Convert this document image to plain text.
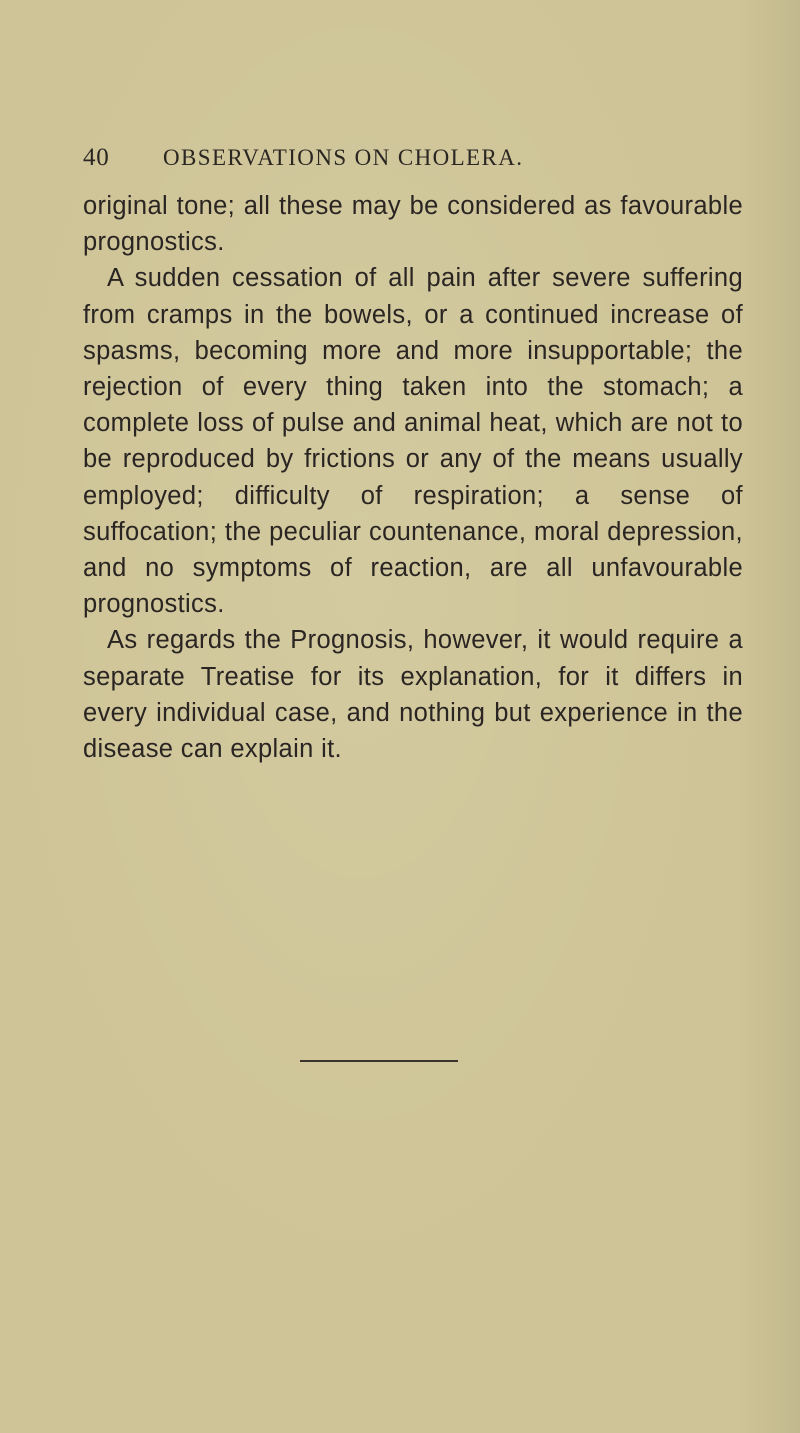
40	OBSERVATIONS ON CHOLERA.

original tone; all these may be considered as favourable prognostics.

A sudden cessation of all pain after severe suffering from cramps in the bowels, or a continued increase of spasms, becoming more and more insupportable; the rejection of every thing taken into the stomach; a complete loss of pulse and animal heat, which are not to be reproduced by frictions or any of the means usually employed; difficulty of respiration; a sense of suffocation; the peculiar countenance, moral depression, and no symptoms of reaction, are all unfavourable prognostics.

As regards the Prognosis, however, it would require a separate Treatise for its explanation, for it differs in every individual case, and nothing but experience in the disease can explain it.
